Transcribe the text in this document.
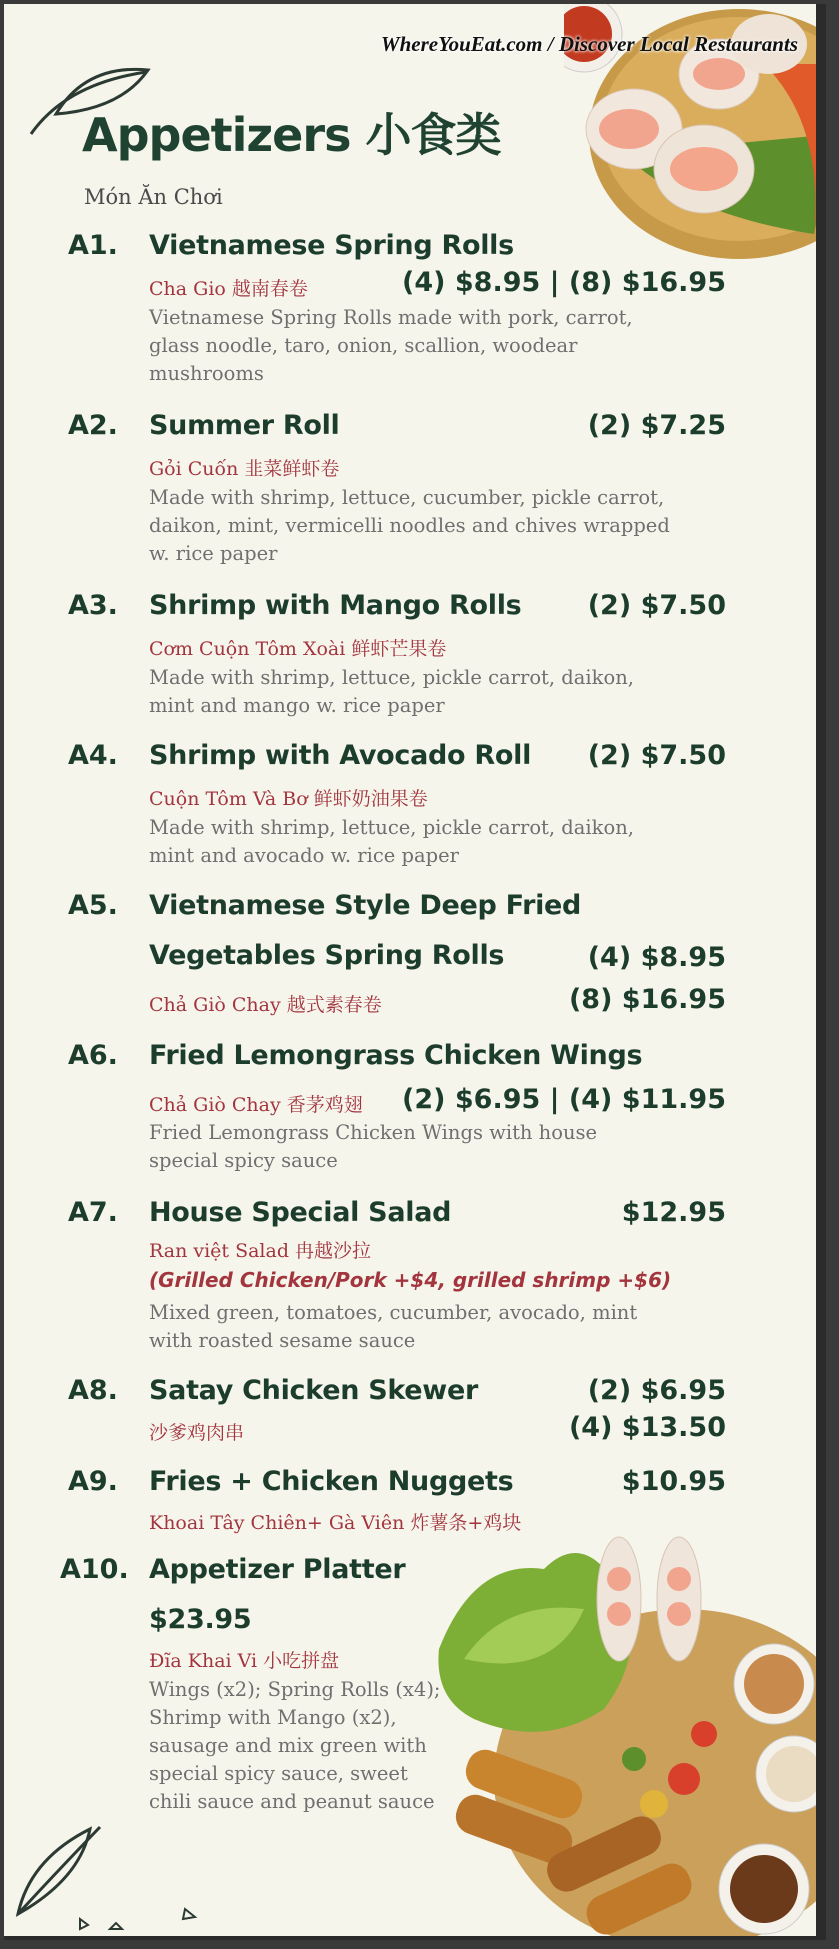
WhereYouEat.com / Discover Local Restaurants
Appetizers 小食类
Món Ăn Chơi
A1. Vietnamese Spring Rolls
Cha Gio 越南春卷	(4) $8.95 | (8) $16.95
Vietnamese Spring Rolls made with pork, carrot, glass noodle, taro, onion, scallion, woodear mushrooms
A2. Summer Roll	(2) $7.25
Gỏi Cuốn 韭菜鲜虾卷
Made with shrimp, lettuce, cucumber, pickle carrot, daikon, mint, vermicelli noodles and chives wrapped w. rice paper
A3. Shrimp with Mango Rolls (2) $7.50
Cơm Cuộn Tôm Xoài 鲜虾芒果卷
Made with shrimp, lettuce, pickle carrot, daikon, mint and mango w. rice paper
A4. Shrimp with Avocado Roll (2) $7.50
Cuộn Tôm Và Bơ 鲜虾奶油果卷
Made with shrimp, lettuce, pickle carrot, daikon, mint and avocado w. rice paper
A5. Vietnamese Style Deep Fried
Vegetables Spring Rolls	(4) $8.95
Chả Giò Chay 越式素春卷	(8) $16.95
A6. Fried Lemongrass Chicken Wings
Chả Giò Chay 香茅鸡翅 (2) $6.95 | (4) $11.95
Fried Lemongrass Chicken Wings with house special spicy sauce
A7. House Special Salad	$12.95
Ran việt Salad 冉越沙拉
(Grilled Chicken/Pork +$4, grilled shrimp +$6)
Mixed green, tomatoes, cucumber, avocado, mint with roasted sesame sauce
A8. Satay Chicken Skewer	(2) $6.95
沙爹鸡肉串	(4) $13.50
A9. Fries + Chicken Nuggets	$10.95
Khoai Tây Chiên+ Gà Viên 炸薯条+鸡块
A10. Appetizer Platter
$23.95
Đĩa Khai Vi 小吃拼盘
Wings (x2); Spring Rolls (x4); Shrimp with Mango (x2), sausage and mix green with special spicy sauce, sweet chili sauce and peanut sauce
